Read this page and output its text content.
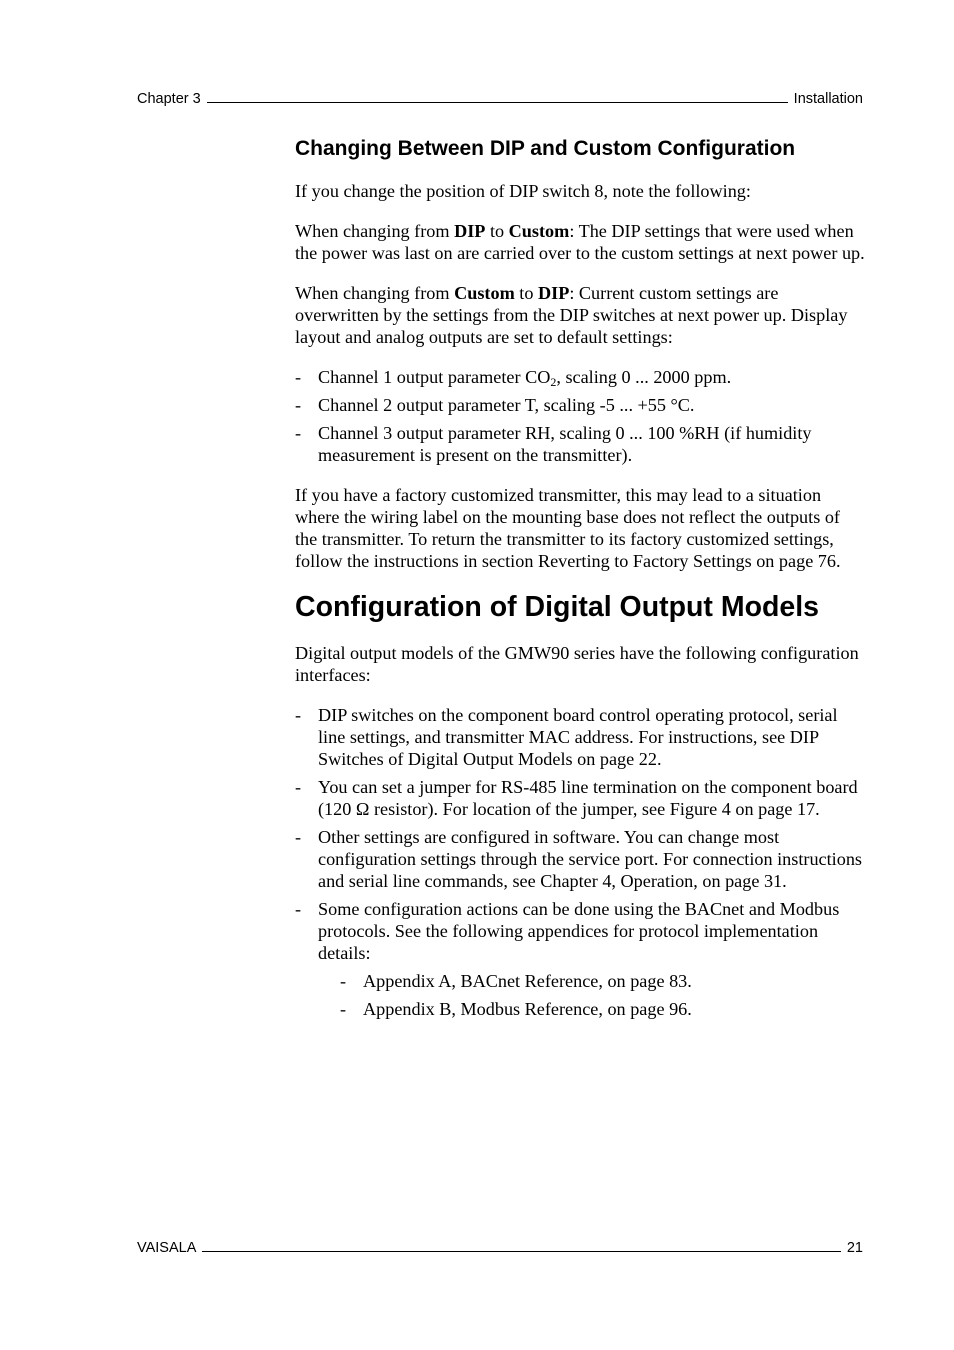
Chapter 3	Installation
Changing Between DIP and Custom Configuration

If you change the position of DIP switch 8, note the following:

When changing from DIP to Custom: The DIP settings that were used when the power was last on are carried over to the custom settings at next power up.

When changing from Custom to DIP: Current custom settings are overwritten by the settings from the DIP switches at next power up. Display layout and analog outputs are set to default settings:

- Channel 1 output parameter $CO_2$, scaling 0 ... 2000 ppm.
- Channel 2 output parameter T, scaling -5 ... +55 °C.
- Channel 3 output parameter RH, scaling 0 ... 100 %RH (if humidity measurement is present on the transmitter).

If you have a factory customized transmitter, this may lead to a situation where the wiring label on the mounting base does not reflect the outputs of the transmitter. To return the transmitter to its factory customized settings, follow the instructions in section Reverting to Factory Settings on page 76.

Configuration of Digital Output Models

Digital output models of the GMW90 series have the following configuration interfaces:

- DIP switches on the component board control operating protocol, serial line settings, and transmitter MAC address. For instructions, see DIP Switches of Digital Output Models on page 22.
- You can set a jumper for RS-485 line termination on the component board (120 Ω resistor). For location of the jumper, see Figure 4 on page 17.
- Other settings are configured in software. You can change most configuration settings through the service port. For connection instructions and serial line commands, see Chapter 4, Operation, on page 31.
- Some configuration actions can be done using the BACnet and Modbus protocols. See the following appendices for protocol implementation details:
- Appendix A, BACnet Reference, on page 83.
- Appendix B, Modbus Reference, on page 96.
VAISALA	21
